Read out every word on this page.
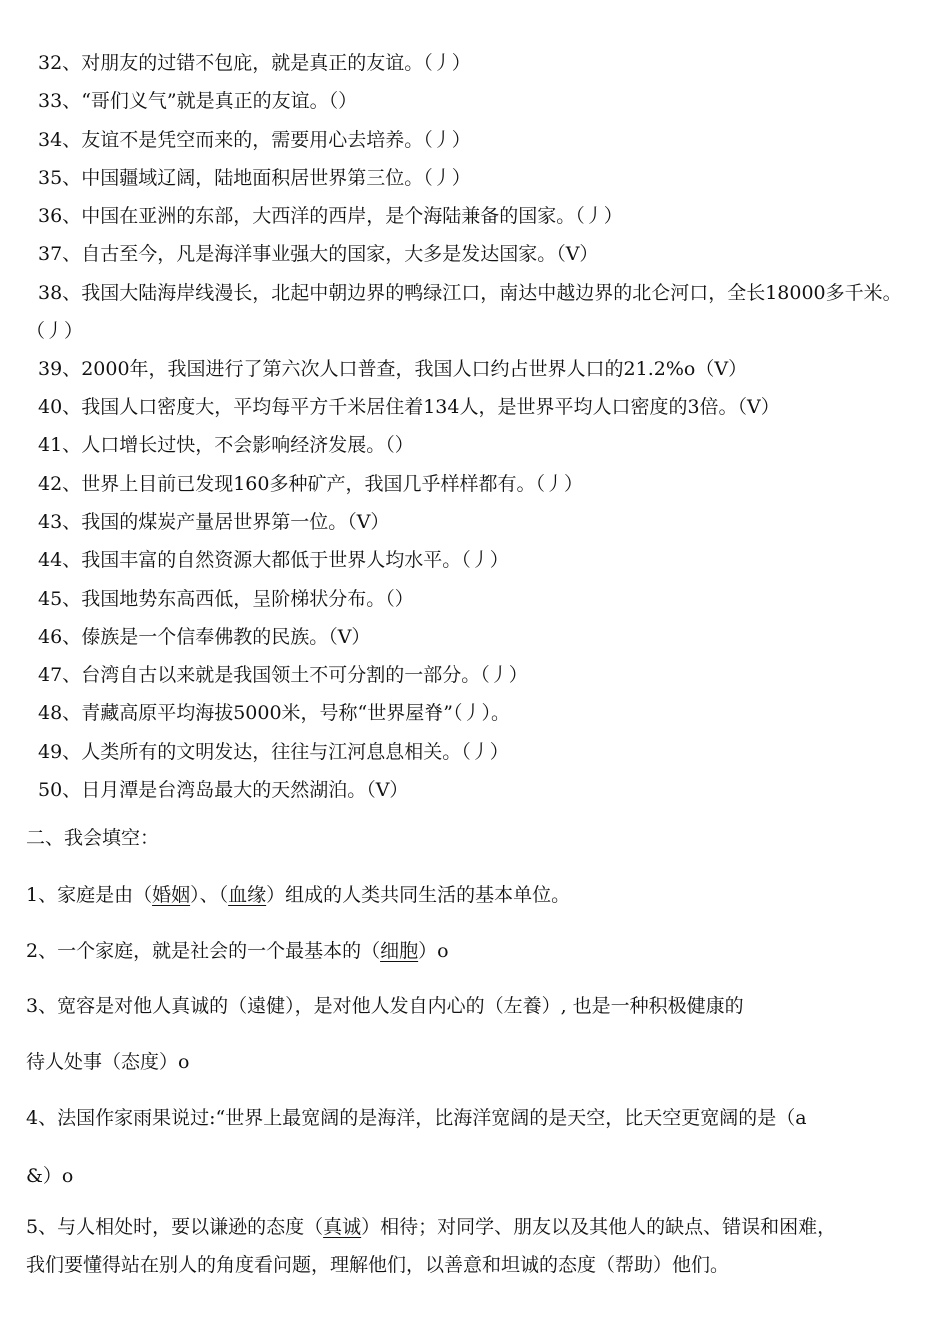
32、对朋友的过错不包庇，就是真正的友谊。（丿）
33、“哥们义气”就是真正的友谊。（）
34、友谊不是凭空而来的，需要用心去培养。（丿）
35、中国疆域辽阔，陆地面积居世界第三位。（丿）
36、中国在亚洲的东部，大西洋的西岸，是个海陆兼备的国家。（丿）
37、自古至今，凡是海洋事业强大的国家，大多是发达国家。（V）
38、我国大陆海岸线漫长，北起中朝边界的鸭绿江口，南达中越边界的北仑河口，全长18000多千米。（丿）
39、2000年，我国进行了第六次人口普查，我国人口约占世界人口的21.2%o（V）
40、我国人口密度大，平均每平方千米居住着134人，是世界平均人口密度的3倍。（V）
41、人口增长过快，不会影响经济发展。（）
42、世界上目前已发现160多种矿产，我国几乎样样都有。（丿）
43、我国的煤炭产量居世界第一位。（V）
44、我国丰富的自然资源大都低于世界人均水平。（丿）
45、我国地势东高西低，呈阶梯状分布。（）
46、傣族是一个信奉佛教的民族。（V）
47、台湾自古以来就是我国领土不可分割的一部分。（丿）
48、青藏高原平均海拔5000米，号称“世界屋脊”（丿）。
49、人类所有的文明发达，往往与江河息息相关。（丿）
50、日月潭是台湾岛最大的天然湖泊。（V）
二、我会填空：
1、家庭是由（婚姻）、（血缘）组成的人类共同生活的基本单位。
2、一个家庭，就是社会的一个最基本的（细胞）o
3、宽容是对他人真诚的（遠健），是对他人发自内心的（左養）, 也是一种积极健康的
待人处事（态度）o
4、法国作家雨果说过:“世界上最宽阔的是海洋，比海洋宽阔的是天空，比天空更宽阔的是（a
&）o
5、与人相处时，要以谦逊的态度（真诚）相待；对同学、朋友以及其他人的缺点、错误和困难，
我们要懂得站在别人的角度看问题，理解他们，以善意和坦诚的态度（帮助）他们。
